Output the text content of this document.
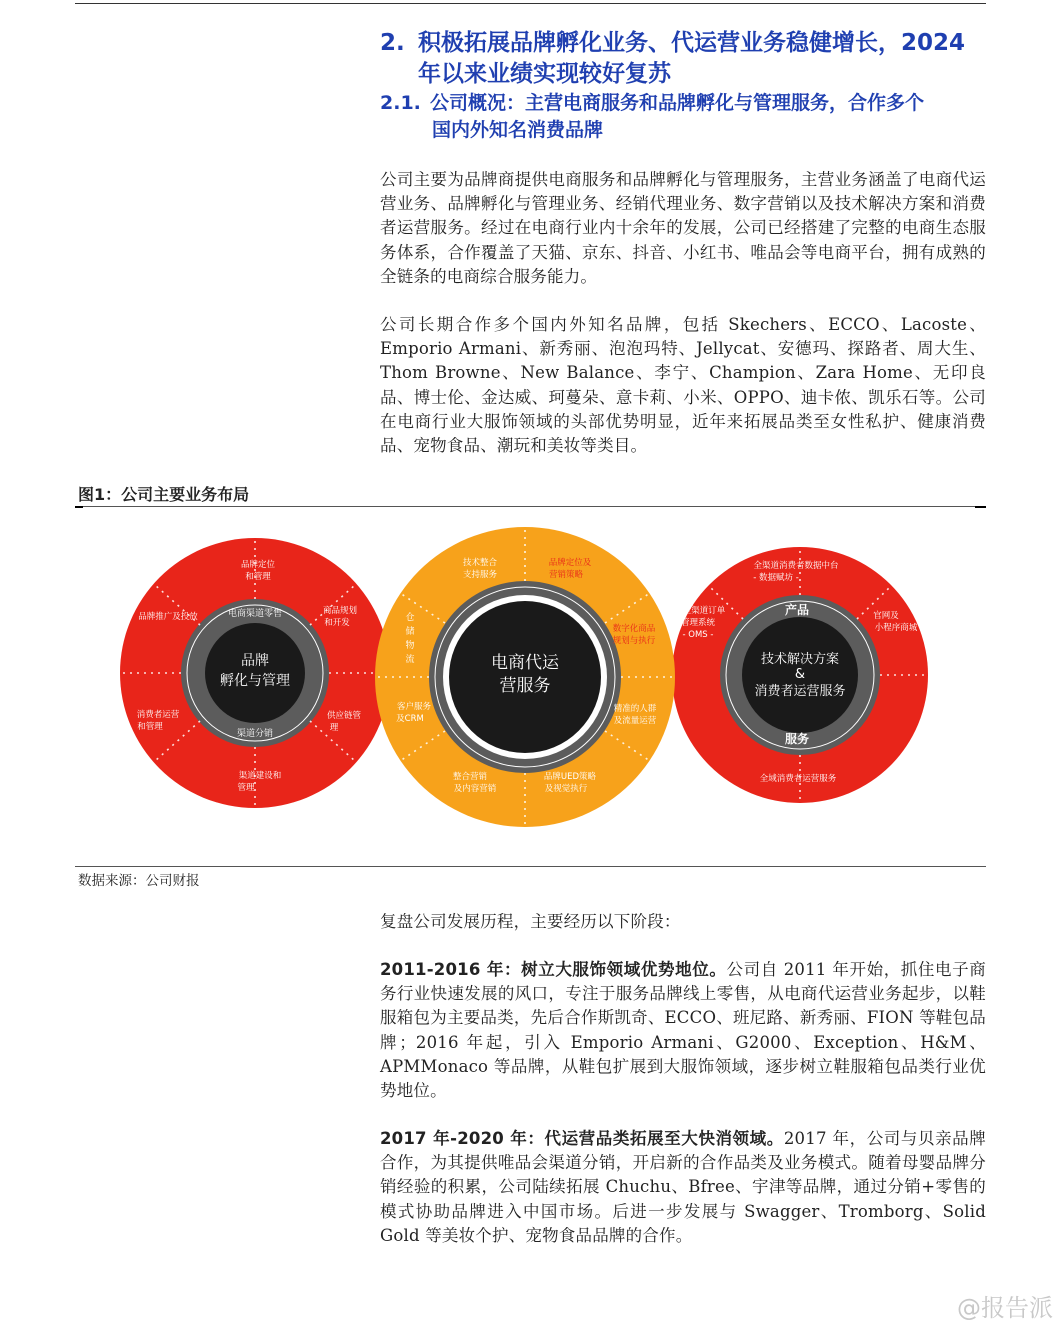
2. 积极拓展品牌孵化业务、代运营业务稳健增长，2024
年以来业绩实现较好复苏
2.1. 公司概况：主营电商服务和品牌孵化与管理服务，合作多个
国内外知名消费品牌

公司主要为品牌商提供电商服务和品牌孵化与管理服务，主营业务涵盖了电商代运营业务、品牌孵化与管理业务、经销代理业务、数字营销以及技术解决方案和消费者运营服务。经过在电商行业内十余年的发展，公司已经搭建了完整的电商生态服务体系，合作覆盖了天猫、京东、抖音、小红书、唯品会等电商平台，拥有成熟的全链条的电商综合服务能力。

公司长期合作多个国内外知名品牌，包括 Skechers、ECCO、Lacoste、Emporio Armani、新秀丽、泡泡玛特、Jellycat、安德玛、探路者、周大生、Thom Browne、New Balance、李宁、Champion、Zara Home、无印良品、博士伦、金达威、珂蔓朵、意卡莉、小米、OPPO、迪卡侬、凯乐石等。公司在电商行业大服饰领域的头部优势明显，近年来拓展品类至女性私护、健康消费品、宠物食品、潮玩和美妆等类目。

图1：公司主要业务布局
品牌
孵化与管理
电商渠道零售
渠道分销
品牌定位
和管理
商品规划
和开发
供应链管
理
渠道建设和
管理
消费者运营
和管理
品牌推广及投放
技术解决方案
&
消费者运营服务
产品
服务
全渠道消费者数据中台
- 数据赋坊 -
全渠道订单
管理系统
- OMS -
官网及
小程序商城
全域消费者运营服务
电商代运
营服务
仓
储
物
流
技术整合
支持服务
品牌定位及
营销策略
数字化商品
规划与执行
精准的人群
及流量运营
品牌UED策略
及视觉执行
整合营销
及内容营销
客户服务
及CRM
数据来源：公司财报

复盘公司发展历程，主要经历以下阶段：

2011-2016 年：树立大服饰领域优势地位。公司自 2011 年开始，抓住电子商务行业快速发展的风口，专注于服务品牌线上零售，从电商代运营业务起步，以鞋服箱包为主要品类，先后合作斯凯奇、ECCO、班尼路、新秀丽、FION 等鞋包品牌；2016 年起，引入 Emporio Armani、G2000、Exception、H&M、APMMonaco 等品牌，从鞋包扩展到大服饰领域，逐步树立鞋服箱包品类行业优势地位。

2017 年-2020 年：代运营品类拓展至大快消领域。2017 年，公司与贝亲品牌合作，为其提供唯品会渠道分销，开启新的合作品类及业务模式。随着母婴品牌分销经验的积累，公司陆续拓展 Chuchu、Bfree、宇津等品牌，通过分销+零售的模式协助品牌进入中国市场。后进一步发展与 Swagger、Tromborg、Solid Gold 等美妆个护、宠物食品品牌的合作。

@报告派
